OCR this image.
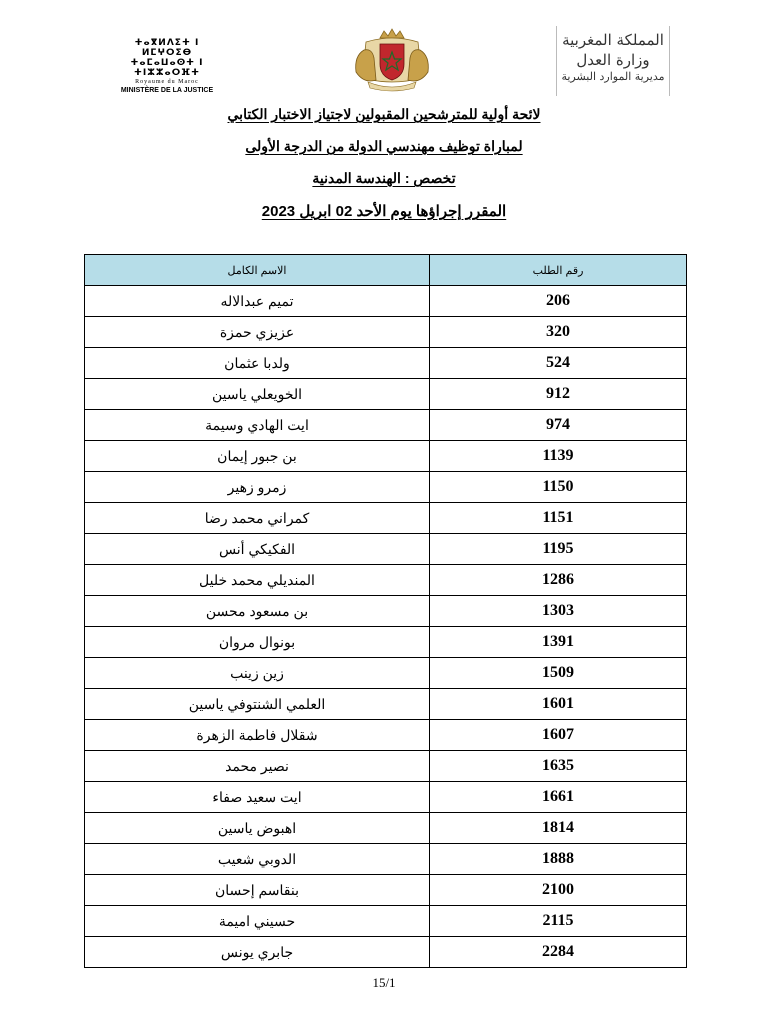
ⵜⴰⴳⵍⴷⵉⵜ ⵏ ⵍⵎⵖⵔⵉⴱ
ⵜⴰⵎⴰⵡⴰⵙⵜ ⵏ ⵜⵏⵣⵣⴰⵔⴼⵜ
Royaume du Maroc
MINISTÈRE DE LA JUSTICE
المملكة المغربية
وزارة العدل
مديرية الموارد البشرية

لائحة أولية للمترشحين المقبولين لاجتياز الاختبار الكتابي

لمباراة توظيف مهندسي الدولة من الدرجة الأولى

تخصص : الهندسة المدنية

المقرر إجراؤها يوم الأحد 02 ابريل 2023

الاسم الكامل	رقم الطلب
تميم عبدالاله	206
عزيزي حمزة	320
ولدبا عثمان	524
الخويعلي ياسين	912
ايت الهادي وسيمة	974
بن جبور إيمان	1139
زمرو زهير	1150
كمراني محمد رضا	1151
الفكيكي أنس	1195
المنديلي محمد خليل	1286
بن مسعود محسن	1303
بونوال مروان	1391
زين زينب	1509
العلمي الشنتوفي ياسين	1601
شقلال فاطمة الزهرة	1607
نصير محمد	1635
ايت سعيد صفاء	1661
اهبوض ياسين	1814
الدوبي شعيب	1888
بنقاسم إحسان	2100
حسيني اميمة	2115
جابري يونس	2284
15/1
